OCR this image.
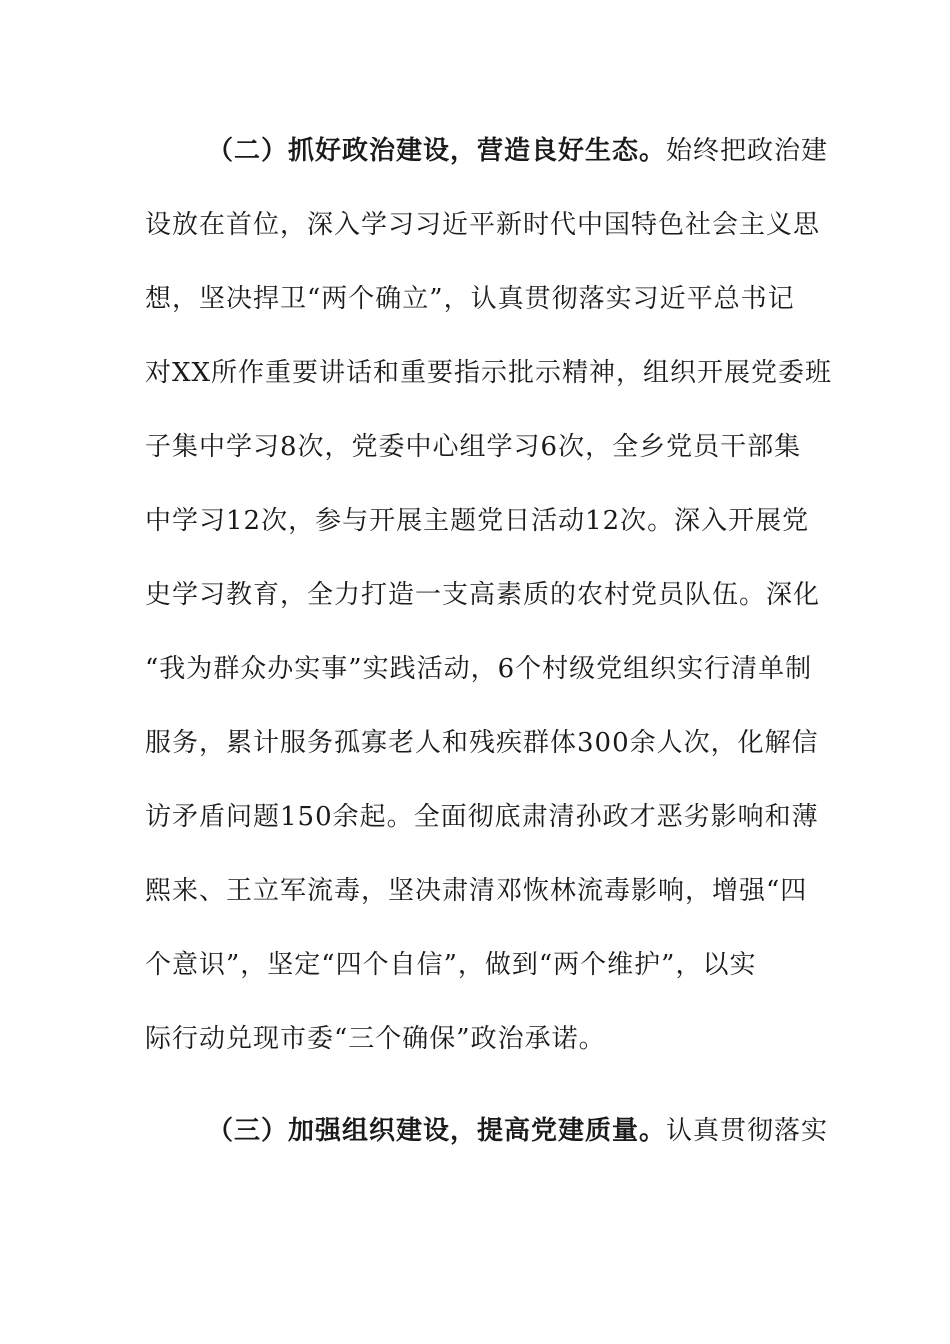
（二）抓好政治建设，营造良好生态。始终把政治建
设放在首位，深入学习习近平新时代中国特色社会主义思
想，坚决捍卫“两个确立”，认真贯彻落实习近平总书记
对XX所作重要讲话和重要指示批示精神，组织开展党委班
子集中学习8次，党委中心组学习6次，全乡党员干部集
中学习12次，参与开展主题党日活动12次。深入开展党
史学习教育，全力打造一支高素质的农村党员队伍。深化
“我为群众办实事”实践活动，6个村级党组织实行清单制
服务，累计服务孤寡老人和残疾群体300余人次，化解信
访矛盾问题150余起。全面彻底肃清孙政才恶劣影响和薄
熙来、王立军流毒，坚决肃清邓恢林流毒影响，增强“四
个意识”，坚定“四个自信”，做到“两个维护”，以实
际行动兑现市委“三个确保”政治承诺。
（三）加强组织建设，提高党建质量。认真贯彻落实
